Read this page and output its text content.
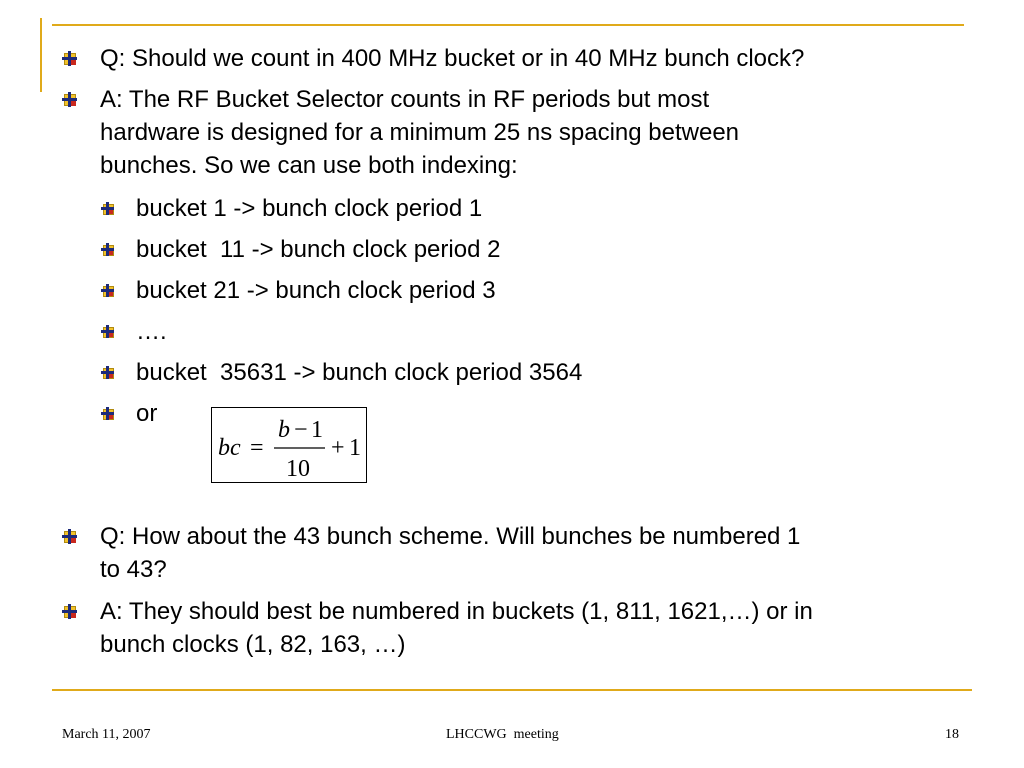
Q: Should we count in 400 MHz bucket or in 40 MHz bunch clock?
A: The RF Bucket Selector counts in RF periods but most
hardware is designed for a minimum 25 ns spacing between
bunches. So we can use both indexing:
bucket 1 -> bunch clock period 1
bucket  11 -> bunch clock period 2
bucket 21 -> bunch clock period 3
….
bucket  35631 -> bunch clock period 3564
or
bc =
b − 1
10
+ 1
Q: How about the 43 bunch scheme. Will bunches be numbered 1
to 43?
A: They should best be numbered in buckets (1, 811, 1621,…) or in
bunch clocks (1, 82, 163, …)
March 11, 2007	LHCCWG  meeting	18
